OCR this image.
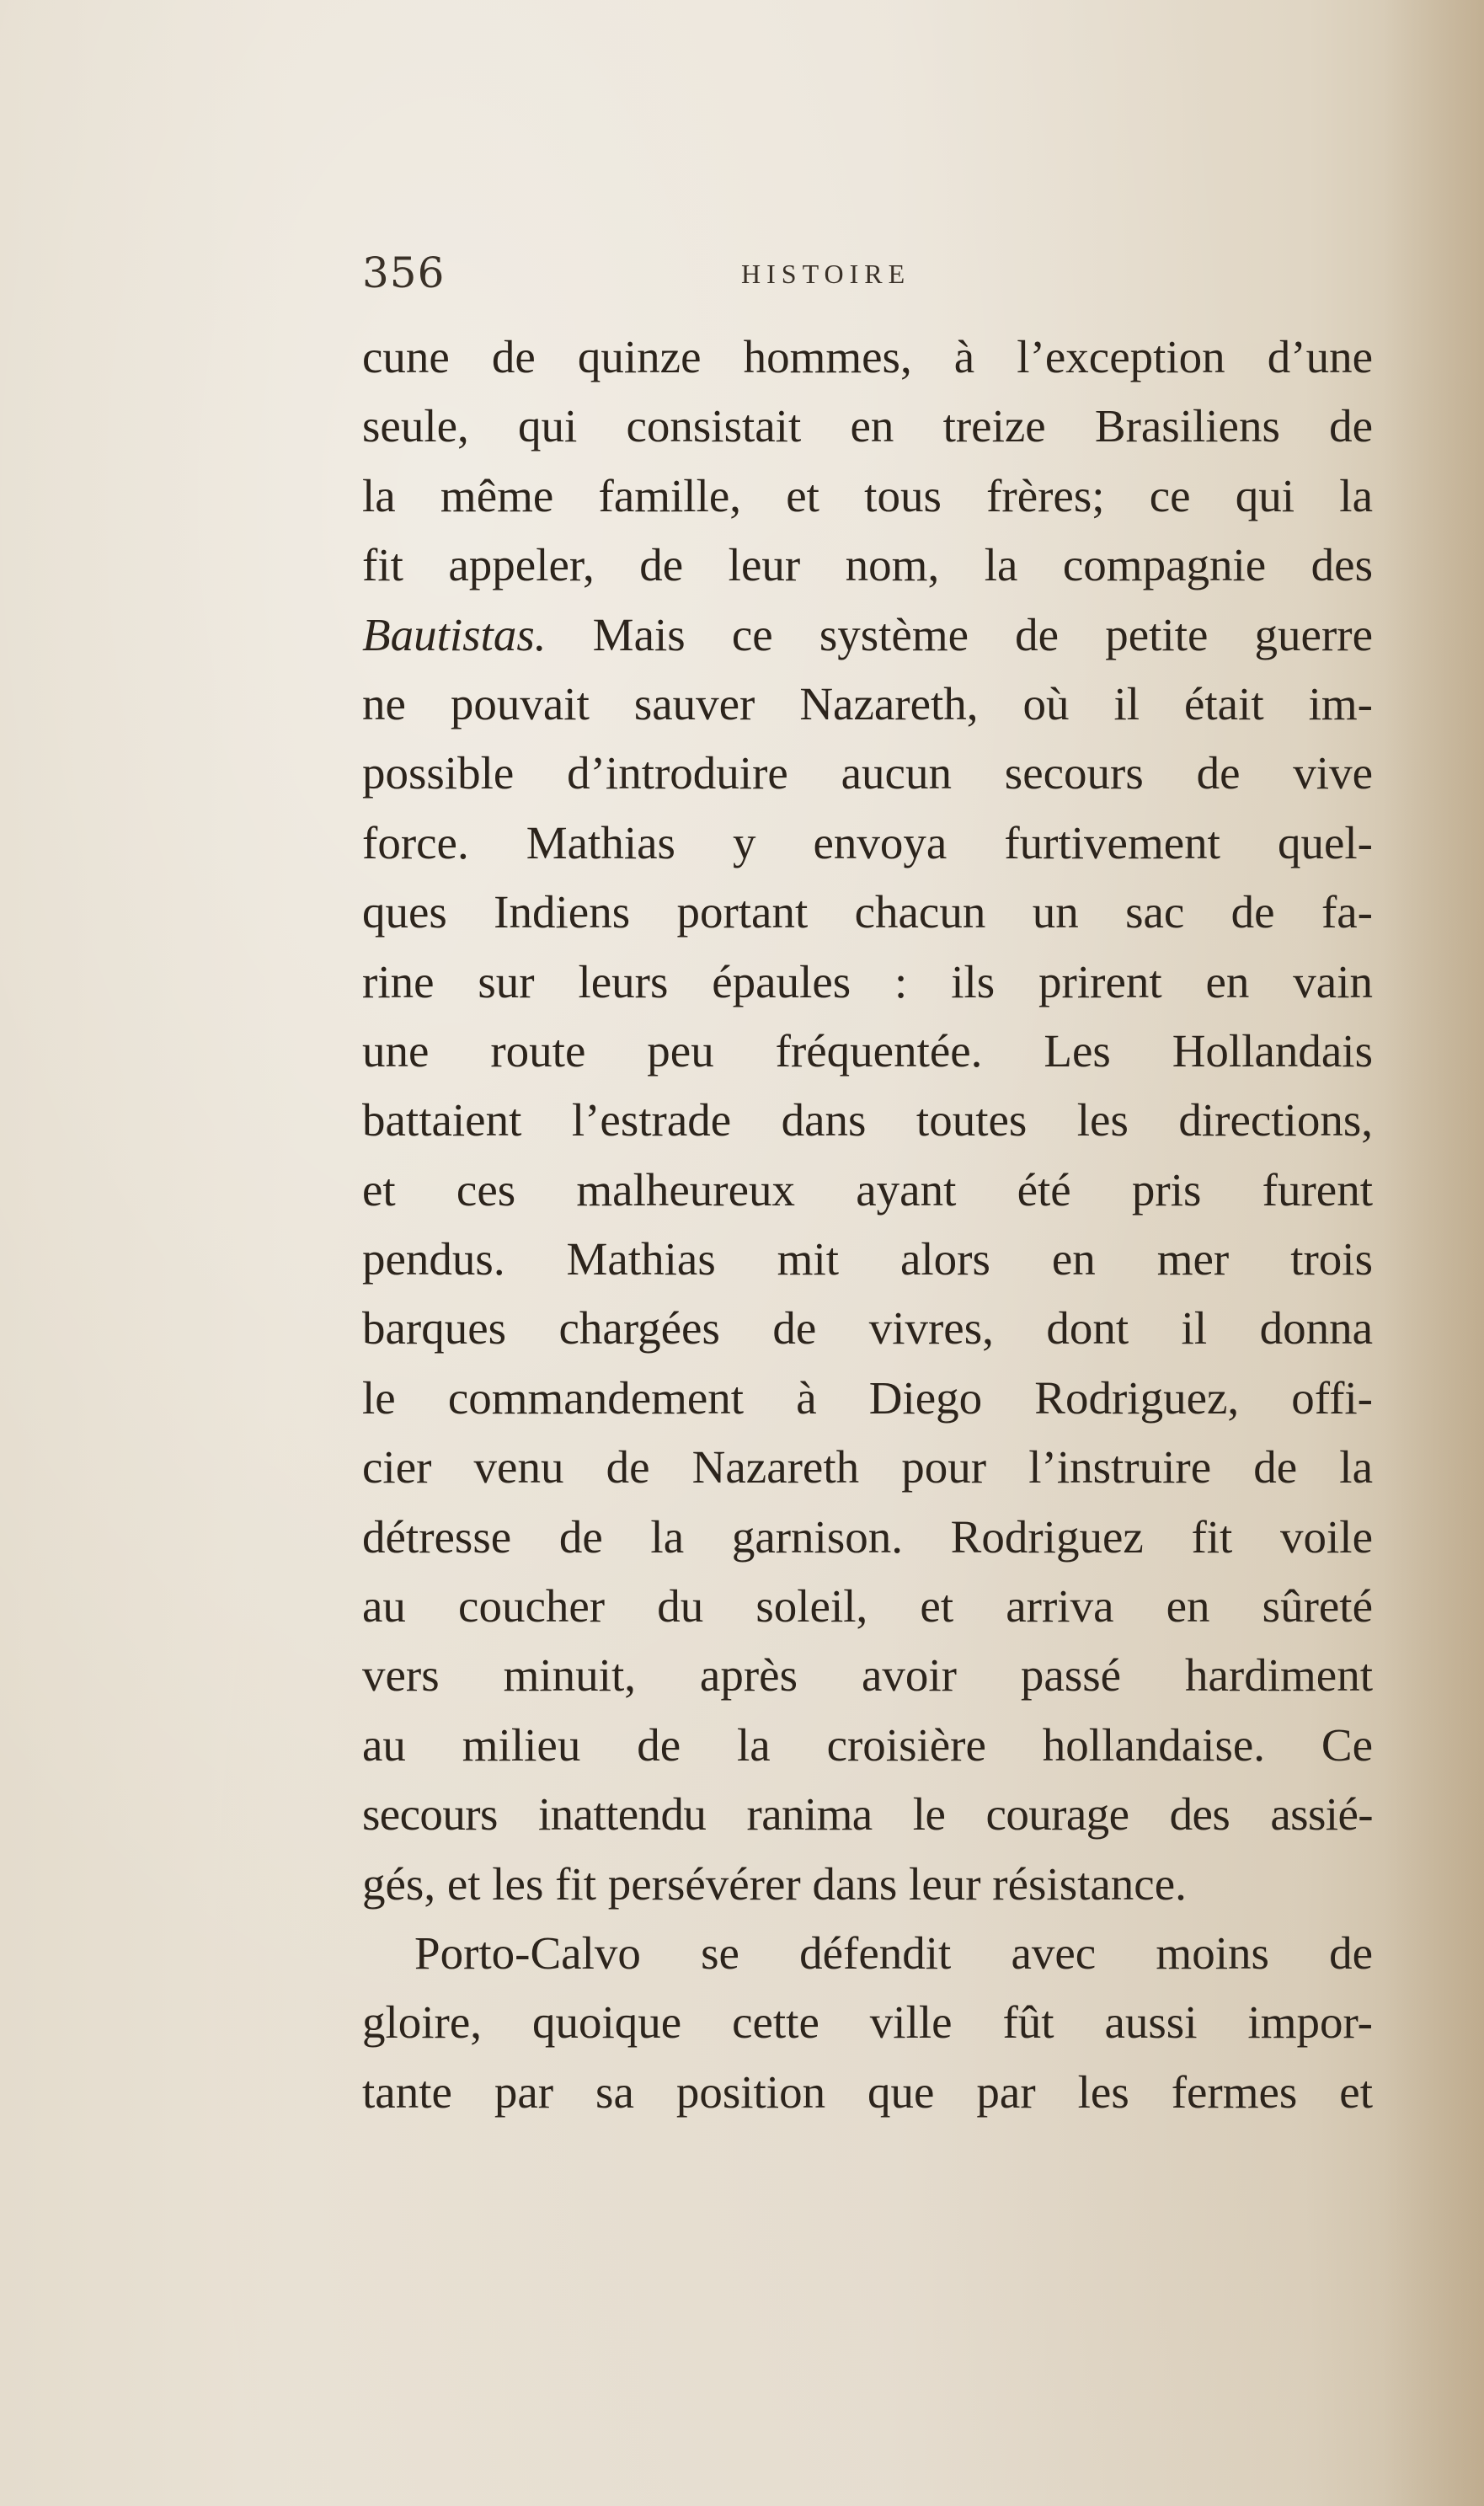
356	HISTOIRE
cune de quinze hommes, à l’exception d’une
seule, qui consistait en treize Brasiliens de
la même famille, et tous frères; ce qui la
fit appeler, de leur nom, la compagnie des
Bautistas. Mais ce système de petite guerre
ne pouvait sauver Nazareth, où il était im-
possible d’introduire aucun secours de vive
force. Mathias y envoya furtivement quel-
ques Indiens portant chacun un sac de fa-
rine sur leurs épaules : ils prirent en vain
une route peu fréquentée. Les Hollandais
battaient l’estrade dans toutes les directions,
et ces malheureux ayant été pris furent
pendus. Mathias mit alors en mer trois
barques chargées de vivres, dont il donna
le commandement à Diego Rodriguez, offi-
cier venu de Nazareth pour l’instruire de la
détresse de la garnison. Rodriguez fit voile
au coucher du soleil, et arriva en sûreté
vers minuit, après avoir passé hardiment
au milieu de la croisière hollandaise. Ce
secours inattendu ranima le courage des assié-
gés, et les fit persévérer dans leur résistance.
Porto-Calvo se défendit avec moins de
gloire, quoique cette ville fût aussi impor-
tante par sa position que par les fermes et
